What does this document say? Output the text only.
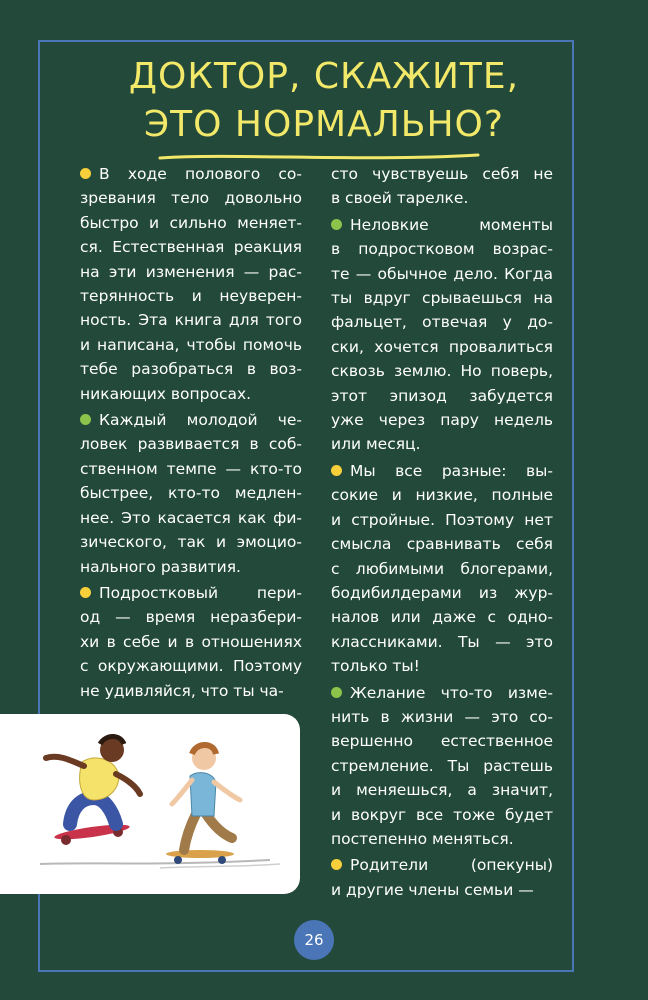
ДОКТОР, СКАЖИТЕ,
ЭТО НОРМАЛЬНО?
В ходе полового со-
зревания тело довольно
быстро и сильно меняет-
ся. Естественная реакция
на эти изменения — рас-
терянность и неуверен-
ность. Эта книга для того
и написана, чтобы помочь
тебе разобраться в воз-
никающих вопросах.
Каждый молодой че-
ловек развивается в соб-
ственном темпе — кто-то
быстрее, кто-то медлен-
нее. Это касается как фи-
зического, так и эмоцио-
нального развития.
Подростковый пери-
од — время неразбери-
хи в себе и в отношениях
с окружающими. Поэтому
не удивляйся, что ты ча-
сто чувствуешь себя не
в своей тарелке.
Неловкие моменты
в подростковом возрас-
те — обычное дело. Когда
ты вдруг срываешься на
фальцет, отвечая у до-
ски, хочется провалиться
сквозь землю. Но поверь,
этот эпизод забудется
уже через пару недель
или месяц.
Мы все разные: вы-
сокие и низкие, полные
и стройные. Поэтому нет
смысла сравнивать себя
с любимыми блогерами,
бодибилдерами из жур-
налов или даже с одно-
классниками. Ты — это
только ты!
Желание что-то изме-
нить в жизни — это со-
вершенно естественное
стремление. Ты растешь
и меняешься, а значит,
и вокруг все тоже будет
постепенно меняться.
Родители (опекуны)
и другие члены семьи —
26
